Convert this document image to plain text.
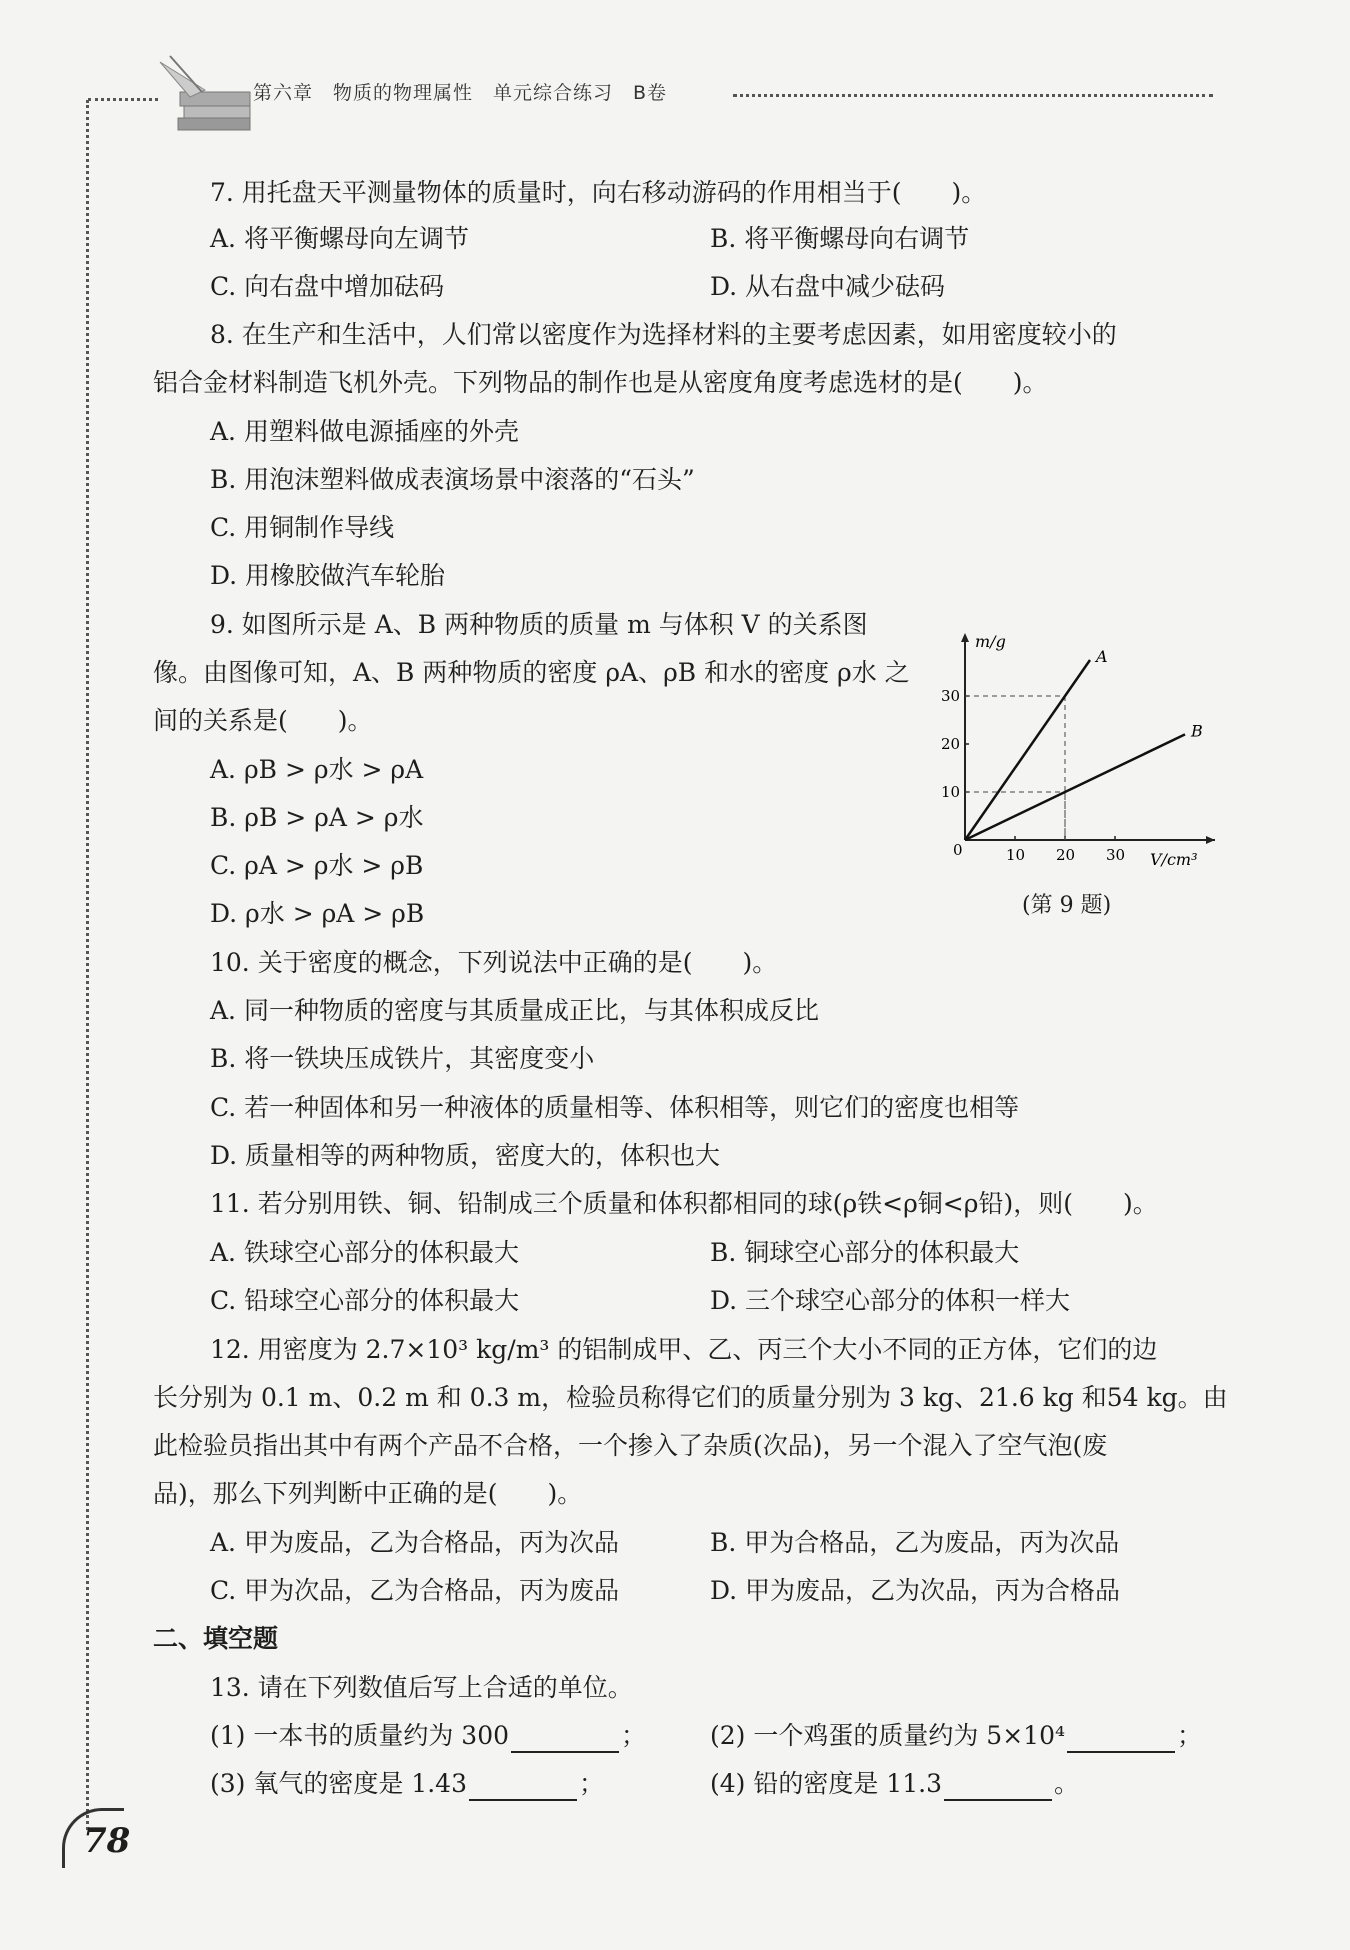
第六章　物质的物理属性　单元综合练习　B卷
7. 用托盘天平测量物体的质量时，向右移动游码的作用相当于(　　)。
A. 将平衡螺母向左调节	B. 将平衡螺母向右调节
C. 向右盘中增加砝码	D. 从右盘中减少砝码
8. 在生产和生活中，人们常以密度作为选择材料的主要考虑因素，如用密度较小的
铝合金材料制造飞机外壳。下列物品的制作也是从密度角度考虑选材的是(　　)。
A. 用塑料做电源插座的外壳
B. 用泡沫塑料做成表演场景中滚落的“石头”
C. 用铜制作导线
D. 用橡胶做汽车轮胎
9. 如图所示是 A、B 两种物质的质量 m 与体积 V 的关系图
像。由图像可知，A、B 两种物质的密度 ρA、ρB 和水的密度 ρ水 之
间的关系是(　　)。
A. ρB > ρ水 > ρA
B. ρB > ρA > ρ水
C. ρA > ρ水 > ρB
D. ρ水 > ρA > ρB
m/g
V/cm³
0	10 20 30
10
20
30
A
B
(第 9 题)
10. 关于密度的概念，下列说法中正确的是(　　)。
A. 同一种物质的密度与其质量成正比，与其体积成反比
B. 将一铁块压成铁片，其密度变小
C. 若一种固体和另一种液体的质量相等、体积相等，则它们的密度也相等
D. 质量相等的两种物质，密度大的，体积也大
11. 若分别用铁、铜、铅制成三个质量和体积都相同的球(ρ铁<ρ铜<ρ铅)，则(　　)。
A. 铁球空心部分的体积最大	B. 铜球空心部分的体积最大
C. 铅球空心部分的体积最大	D. 三个球空心部分的体积一样大
12. 用密度为 2.7×10³ kg/m³ 的铝制成甲、乙、丙三个大小不同的正方体，它们的边
长分别为 0.1 m、0.2 m 和 0.3 m，检验员称得它们的质量分别为 3 kg、21.6 kg 和54 kg。由
此检验员指出其中有两个产品不合格，一个掺入了杂质(次品)，另一个混入了空气泡(废
品)，那么下列判断中正确的是(　　)。
A. 甲为废品，乙为合格品，丙为次品	B. 甲为合格品，乙为废品，丙为次品
C. 甲为次品，乙为合格品，丙为废品	D. 甲为废品，乙为次品，丙为合格品
二、填空题
13. 请在下列数值后写上合适的单位。
(1) 一本书的质量约为 300	；	(2) 一个鸡蛋的质量约为 5×10⁴	；
(3) 氧气的密度是 1.43	；	(4) 铅的密度是 11.3	。
78
